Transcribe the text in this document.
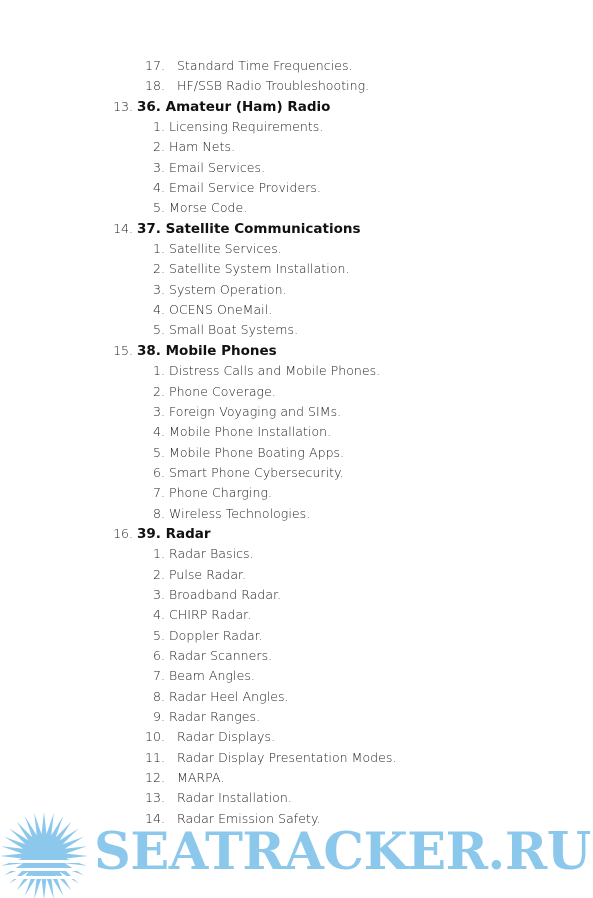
17. Standard Time Frequencies.
18. HF/SSB Radio Troubleshooting.
13. 36. Amateur (Ham) Radio
1. Licensing Requirements.
2. Ham Nets.
3. Email Services.
4. Email Service Providers.
5. Morse Code.
14. 37. Satellite Communications
1. Satellite Services.
2. Satellite System Installation.
3. System Operation.
4. OCENS OneMail.
5. Small Boat Systems.
15. 38. Mobile Phones
1. Distress Calls and Mobile Phones.
2. Phone Coverage.
3. Foreign Voyaging and SIMs.
4. Mobile Phone Installation.
5. Mobile Phone Boating Apps.
6. Smart Phone Cybersecurity.
7. Phone Charging.
8. Wireless Technologies.
16. 39. Radar
1. Radar Basics.
2. Pulse Radar.
3. Broadband Radar.
4. CHIRP Radar.
5. Doppler Radar.
6. Radar Scanners.
7. Beam Angles.
8. Radar Heel Angles.
9. Radar Ranges.
10. Radar Displays.
11. Radar Display Presentation Modes.
12. MARPA.
13. Radar Installation.
14. Radar Emission Safety.
SEATRACKER.RU
